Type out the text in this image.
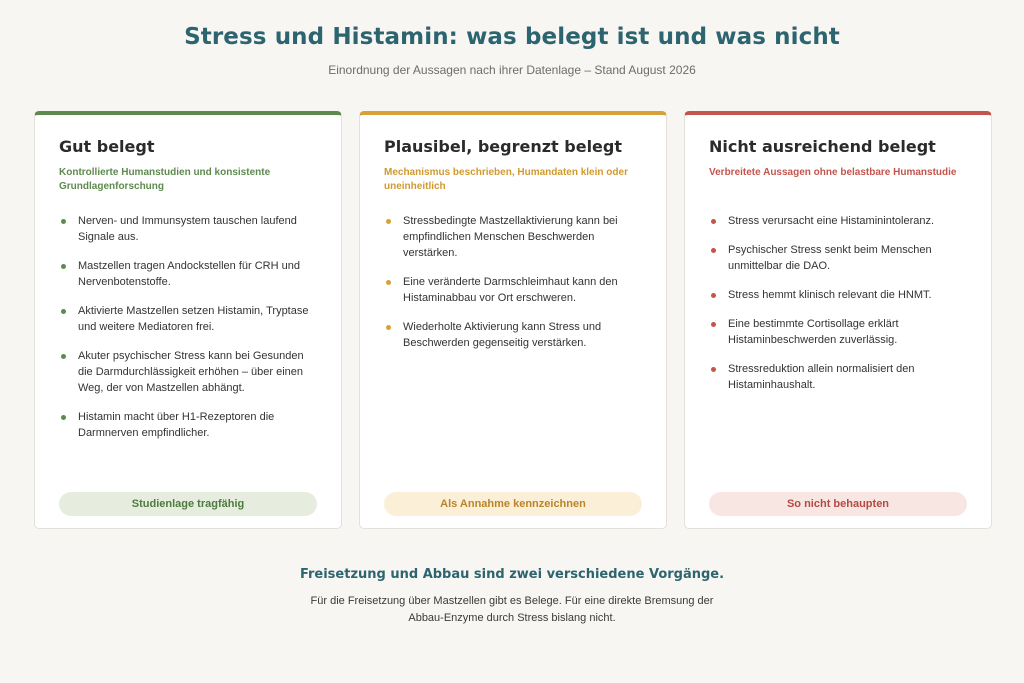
Stress und Histamin: was belegt ist und was nicht

Einordnung der Aussagen nach ihrer Datenlage – Stand August 2026

Gut belegt

Kontrollierte Humanstudien und konsistente Grundlagenforschung

Nerven- und Immunsystem tauschen laufend Signale aus.
Mastzellen tragen Andockstellen für CRH und Nervenbotenstoffe.
Aktivierte Mastzellen setzen Histamin, Tryptase und weitere Mediatoren frei.
Akuter psychischer Stress kann bei Gesunden die Darmdurchlässigkeit erhöhen – über einen Weg, der von Mastzellen abhängt.
Histamin macht über H1-Rezeptoren die Darmnerven empfindlicher.
Studienlage tragfähig
Plausibel, begrenzt belegt

Mechanismus beschrieben, Humandaten klein oder uneinheitlich

Stressbedingte Mastzellaktivierung kann bei empfindlichen Menschen Beschwerden verstärken.
Eine veränderte Darmschleimhaut kann den Histaminabbau vor Ort erschweren.
Wiederholte Aktivierung kann Stress und Beschwerden gegenseitig verstärken.
Als Annahme kennzeichnen
Nicht ausreichend belegt

Verbreitete Aussagen ohne belastbare Humanstudie

Stress verursacht eine Histaminintoleranz.
Psychischer Stress senkt beim Menschen unmittelbar die DAO.
Stress hemmt klinisch relevant die HNMT.
Eine bestimmte Cortisollage erklärt Histaminbeschwerden zuverlässig.
Stressreduktion allein normalisiert den Histaminhaushalt.
So nicht behaupten
Freisetzung und Abbau sind zwei verschiedene Vorgänge.

Für die Freisetzung über Mastzellen gibt es Belege. Für eine direkte Bremsung der Abbau-Enzyme durch Stress bislang nicht.
